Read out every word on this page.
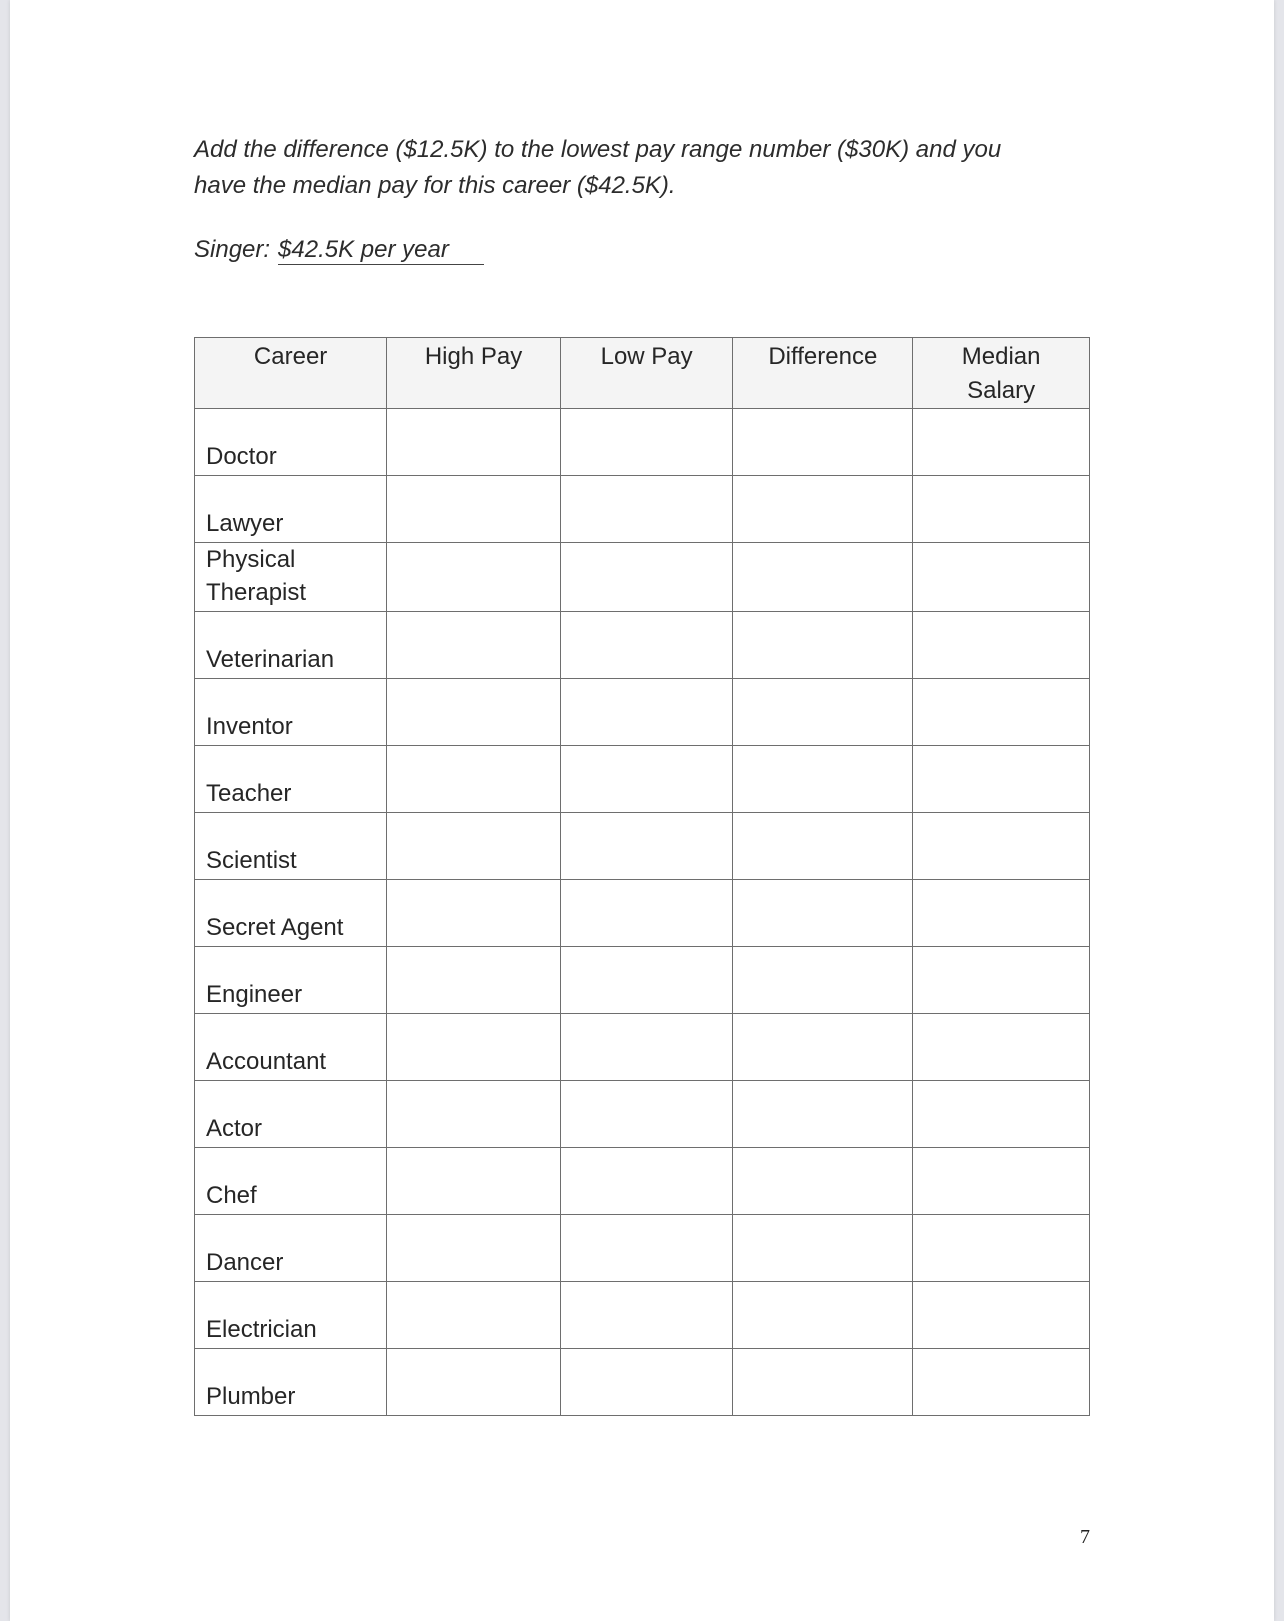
Add the difference ($12.5K) to the lowest pay range number ($30K) and you
have the median pay for this career ($42.5K).

Singer: $42.5K per year
Career	High Pay	Low Pay	Difference	Median
Salary
Doctor				
Lawyer				
Physical Therapist				
Veterinarian				
Inventor				
Teacher				
Scientist				
Secret Agent				
Engineer				
Accountant				
Actor				
Chef				
Dancer				
Electrician				
Plumber				
7
